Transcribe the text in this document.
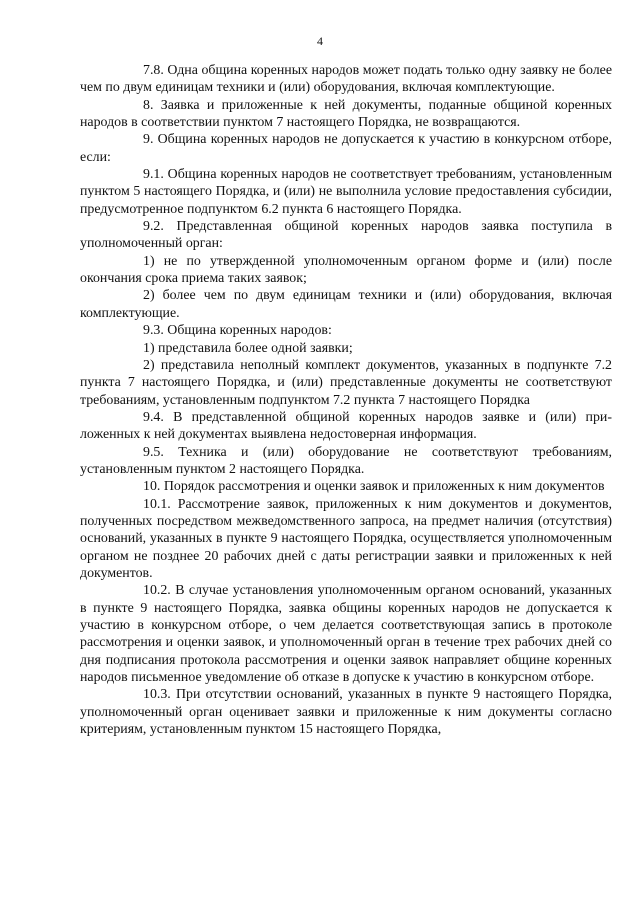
4

7.8. Одна община коренных народов может подать только одну заявку не более чем по двум единицам техники и (или) оборудования, включая комплектующие.

8. Заявка и приложенные к ней документы, поданные общиной коренных народов в соответствии пунктом 7 настоящего Порядка, не возвращаются.

9. Община коренных народов не допускается к участию в конкурсном отборе, если:

9.1. Община коренных народов не соответствует требованиям, установленным пунктом 5 настоящего Порядка, и (или) не выполнила условие предоставления субсидии, предусмотренное подпунктом 6.2 пункта 6 настоящего Порядка.

9.2. Представленная общиной коренных народов заявка поступила в уполномоченный орган:

1) не по утвержденной уполномоченным органом форме и (или) после окончания срока приема таких заявок;

2) более чем по двум единицам техники и (или) оборудования, включая комплектующие.

9.3. Община коренных народов:

1) представила более одной заявки;

2) представила неполный комплект документов, указанных в подпункте 7.2 пункта 7 настоящего Порядка, и (или) представленные документы не соответствуют требованиям, установленным подпунктом 7.2 пункта 7 настоящего Порядка

9.4. В представленной общиной коренных народов заявке и (или) приложенных к ней документах выявлена недостоверная информация.

9.5. Техника и (или) оборудование не соответствуют требованиям, установленным пунктом 2 настоящего Порядка.

10. Порядок рассмотрения и оценки заявок и приложенных к ним документов

10.1. Рассмотрение заявок, приложенных к ним документов и документов, полученных посредством межведомственного запроса, на предмет наличия (отсутствия) оснований, указанных в пункте 9 настоящего Порядка, осуществляется уполномоченным органом не позднее 20 рабочих дней с даты регистрации заявки и приложенных к ней документов.

10.2. В случае установления уполномоченным органом оснований, указанных в пункте 9 настоящего Порядка, заявка общины коренных народов не допускается к участию в конкурсном отборе, о чем делается соответствующая запись в протоколе рассмотрения и оценки заявок, и уполномоченный орган в течение трех рабочих дней со дня подписания протокола рассмотрения и оценки заявок направляет общине коренных народов письменное уведомление об отказе в допуске к участию в конкурсном отборе.

10.3. При отсутствии оснований, указанных в пункте 9 настоящего Порядка, уполномоченный орган оценивает заявки и приложенные к ним документы согласно критериям, установленным пунктом 15 настоящего Порядка,
